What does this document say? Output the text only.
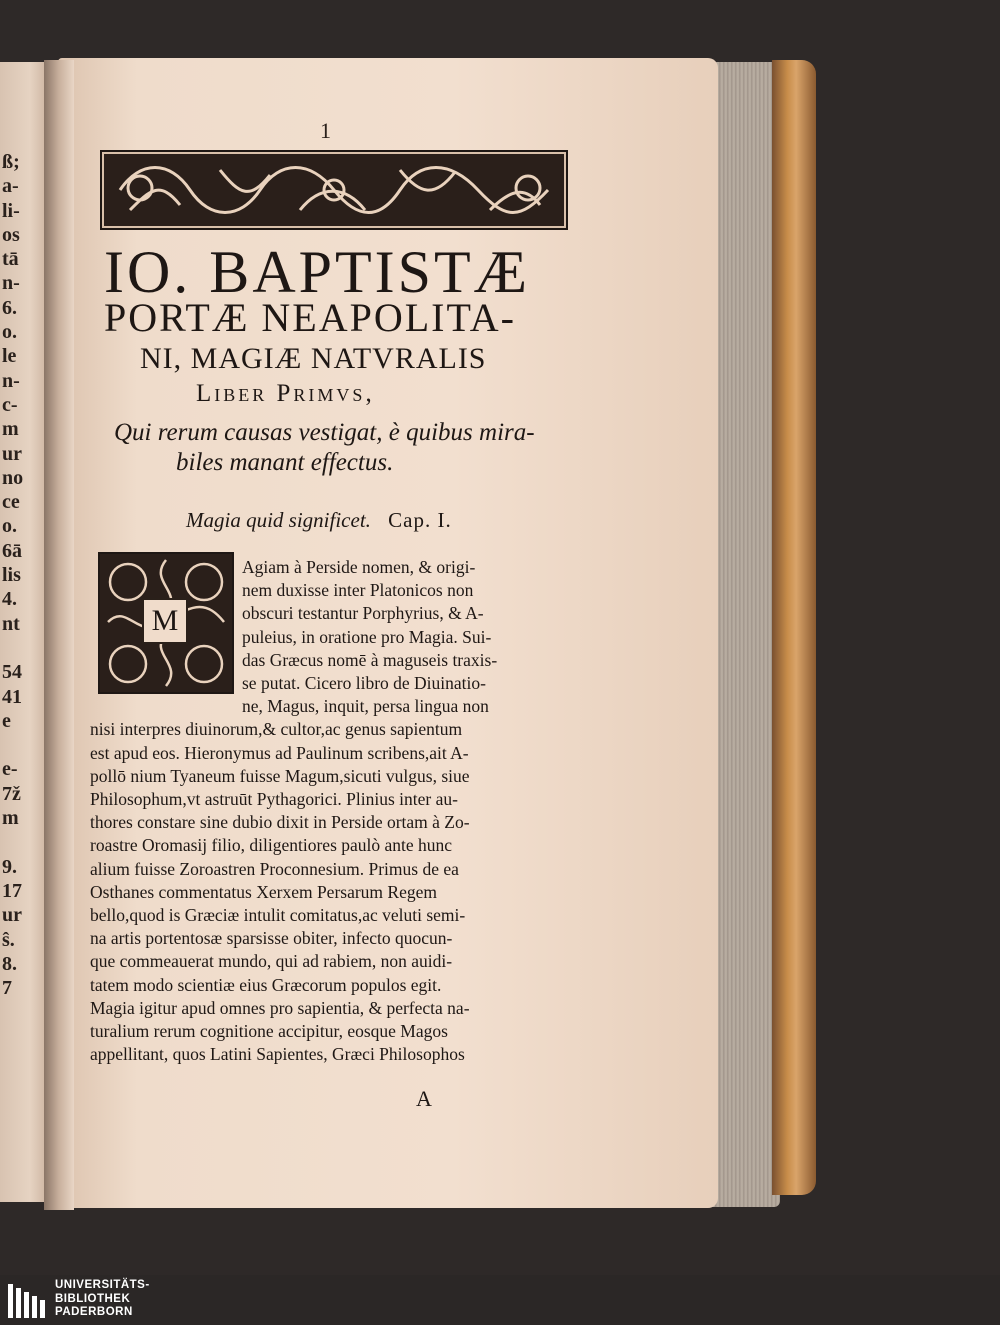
ß;
a-
li-
os
tā
n-
6.
o.
le
n-
c-
m
ur
no
ce
o.
6ā
lis
4.
nt

54
41
e

e-
7ž
m

9.
17
ur
ŝ.
8.
7
1
IO. BAPTISTÆ
PORTÆ NEAPOLITA-
NI, MAGIÆ NATVRALIS
Liber Primvs,
Qui rerum causas vestigat, è quibus mira-
biles manant effectus.
Magia quid significet. Cap. I.
M
Agiam à Perside nomen, & origi-
nem duxisse inter Platonicos non
obscuri testantur Porphyrius, & A-
puleius, in oratione pro Magia. Sui-
das Græcus nomē à maguseis traxis-
se putat. Cicero libro de Diuinatio-
ne, Magus, inquit, persa lingua non
nisi interpres diuinorum,& cultor,ac genus sapientum
est apud eos. Hieronymus ad Paulinum scribens,ait A-
pollō nium Tyaneum fuisse Magum,sicuti vulgus, siue
Philosophum,vt astruūt Pythagorici. Plinius inter au-
thores constare sine dubio dixit in Perside ortam à Zo-
roastre Oromasij filio, diligentiores paulò ante hunc
alium fuisse Zoroastren Proconnesium. Primus de ea
Osthanes commentatus Xerxem Persarum Regem
bello,quod is Græciæ intulit comitatus,ac veluti semi-
na artis portentosæ sparsisse obiter, infecto quocun-
que commeauerat mundo, qui ad rabiem, non auidi-
tatem modo scientiæ eius Græcorum populos egit.
Magia igitur apud omnes pro sapientia, & perfecta na-
turalium rerum cognitione accipitur, eosque Magos
appellitant, quos Latini Sapientes, Græci Philosophos
A
UNIVERSITÄTS-
BIBLIOTHEK
PADERBORN
